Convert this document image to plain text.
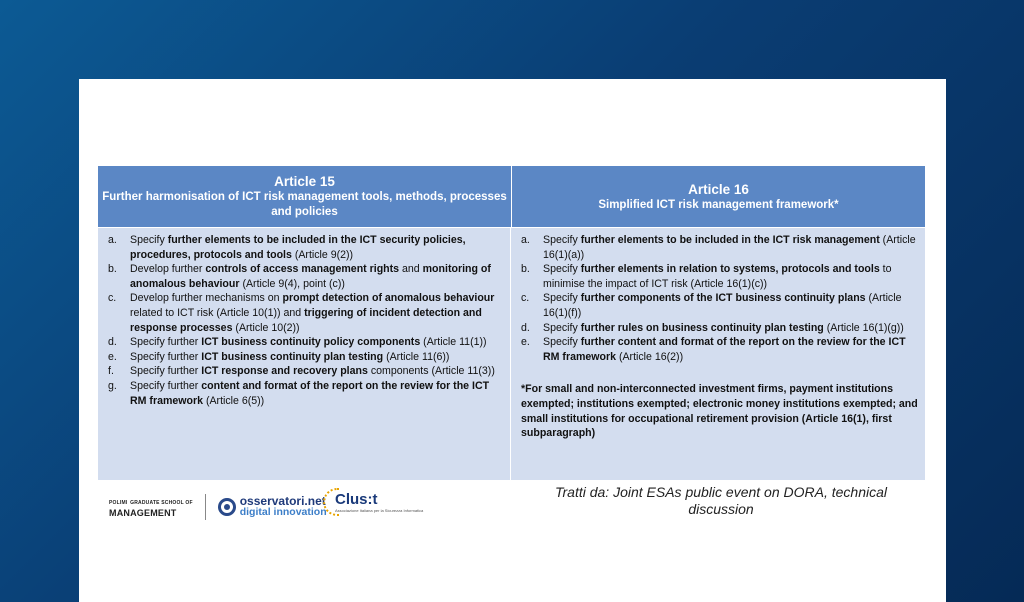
Article 15
Further harmonisation of ICT risk management tools, methods, processes and policies
Article 16
Simplified ICT risk management framework*
a.	Specify further elements to be included in the ICT security policies, procedures, protocols and tools (Article 9(2))
b.	Develop further controls of access management rights and monitoring of anomalous behaviour (Article 9(4), point (c))
c.	Develop further mechanisms on prompt detection of anomalous behaviour related to ICT risk (Article 10(1)) and triggering of incident detection and response processes (Article 10(2))
d.	Specify further ICT business continuity policy components (Article 11(1))
e.	Specify further ICT business continuity plan testing (Article 11(6))
f.	Specify further ICT response and recovery plans components (Article 11(3))
g.	Specify further content and format of the report on the review for the ICT RM framework (Article 6(5))
a.	Specify further elements to be included in the ICT risk management (Article 16(1)(a))
b.	Specify further elements in relation to systems, protocols and tools to minimise the impact of ICT risk (Article 16(1)(c))
c.	Specify further components of the ICT business continuity plans (Article 16(1)(f))
d.	Specify further rules on business continuity plan testing (Article 16(1)(g))
e.	Specify further content and format of the report on the review for the ICT RM framework (Article 16(2))
*For small and non-interconnected investment firms, payment institutions exempted; institutions exempted; electronic money institutions exempted; and small institutions for occupational retirement provision (Article 16(1), first subparagraph)
POLIMI GRADUATE SCHOOL OF
MANAGEMENT
osservatori.net
digital innovation
Clus:t
Associazione Italiana per la Sicurezza Informatica
Tratti da: Joint ESAs public event on DORA, technical discussion
